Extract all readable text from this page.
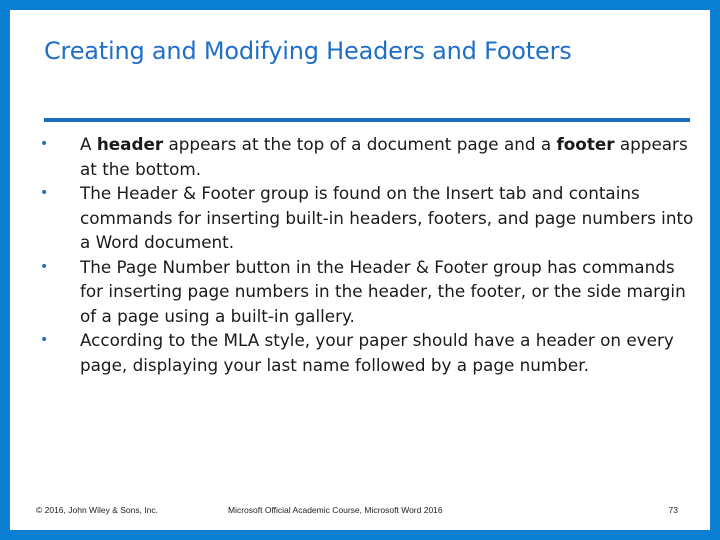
Creating and Modifying Headers and Footers
• A header appears at the top of a document page and a footer appears at the bottom.
• The Header & Footer group is found on the Insert tab and contains commands for inserting built-in headers, footers, and page numbers into a Word document.
• The Page Number button in the Header & Footer group has commands for inserting page numbers in the header, the footer, or the side margin of a page using a built-in gallery.
• According to the MLA style, your paper should have a header on every page, displaying your last name followed by a page number.
© 2016, John Wiley & Sons, Inc.	Microsoft Official Academic Course, Microsoft Word 2016	73
